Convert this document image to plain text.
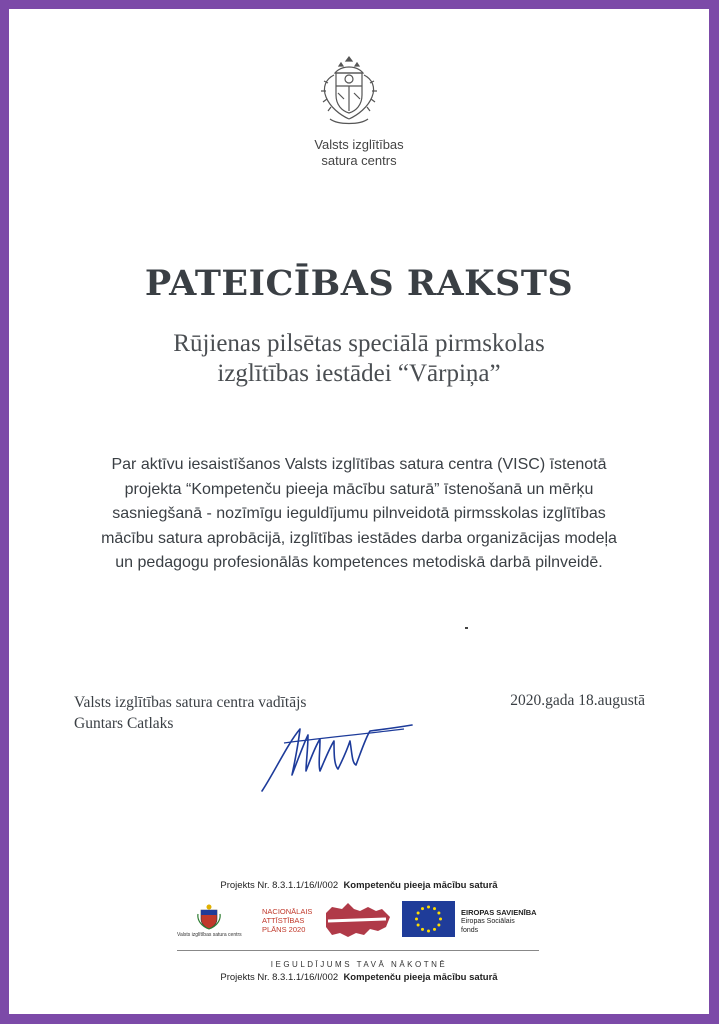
Valsts izglītības
satura centrs
PATEICĪBAS RAKSTS
Rūjienas pilsētas speciālā pirmskolas
izglītības iestādei “Vārpiņa”
Par aktīvu iesaistīšanos Valsts izglītības satura centra (VISC) īstenotā
projekta “Kompetenču pieeja mācību saturā” īstenošanā un mērķu
sasniegšanā - nozīmīgu ieguldījumu pilnveidotā pirmsskolas izglītības
mācību satura aprobācijā, izglītības iestādes darba organizācijas modeļa
un pedagogu profesionālās kompetences metodiskā darbā pilnveidē.
Valsts izglītības satura centra vadītājs
Guntars Catlaks
2020.gada 18.augustā
Projekts Nr. 8.3.1.1/16/I/002 Kompetenču pieeja mācību saturā
Valsts izglītības satura centrs
NACIONĀLAIS
ATTĪSTĪBAS
PLĀNS 2020
EIROPAS SAVIENĪBA
Eiropas Sociālais
fonds
IEGULDĪJUMS TAVĀ NĀKOTNĒ
Projekts Nr. 8.3.1.1/16/I/002 Kompetenču pieeja mācību saturā
